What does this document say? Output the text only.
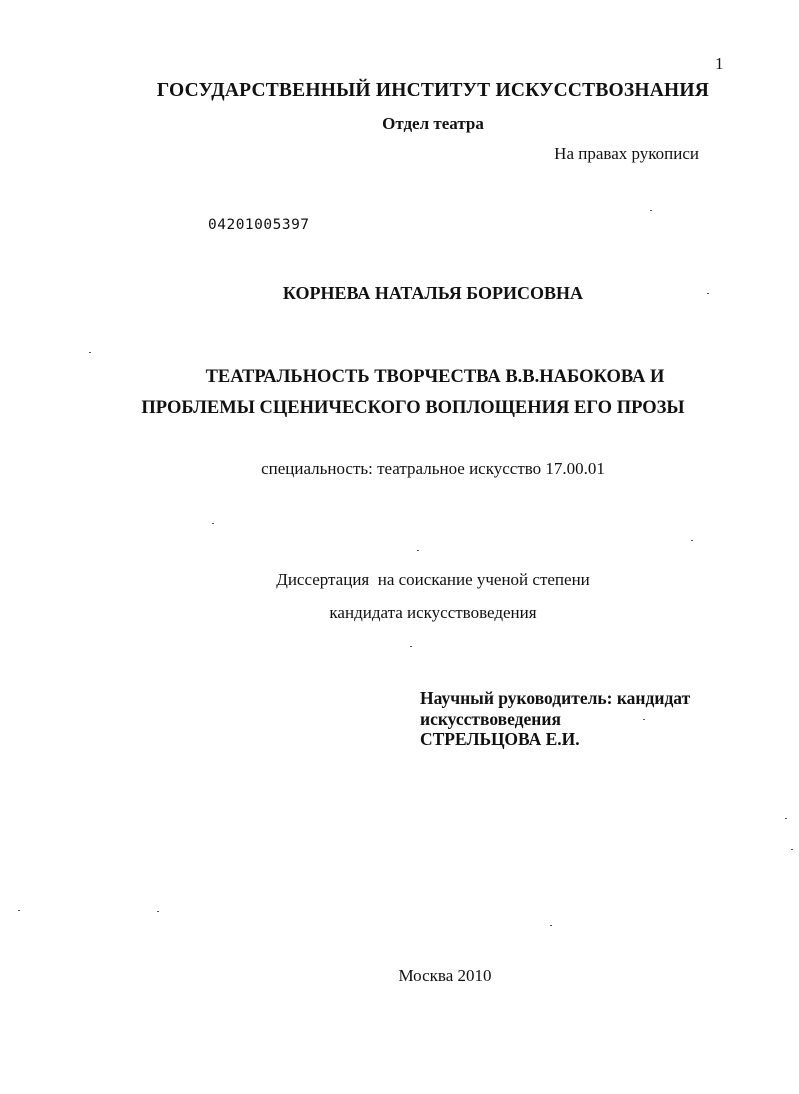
1

ГОСУДАРСТВЕННЫЙ ИНСТИТУТ ИСКУССТВОЗНАНИЯ

Отдел театра

На правах рукописи

04201005397

КОРНЕВА НАТАЛЬЯ БОРИСОВНА

ТЕАТРАЛЬНОСТЬ ТВОРЧЕСТВА В.В.НАБОКОВА И

ПРОБЛЕМЫ СЦЕНИЧЕСКОГО ВОПЛОЩЕНИЯ ЕГО ПРОЗЫ

специальность: театральное искусство 17.00.01

Диссертация  на соискание ученой степени

кандидата искусствоведения

Научный руководитель: кандидат

искусствоведения

СТРЕЛЬЦОВА Е.И.

Москва 2010
